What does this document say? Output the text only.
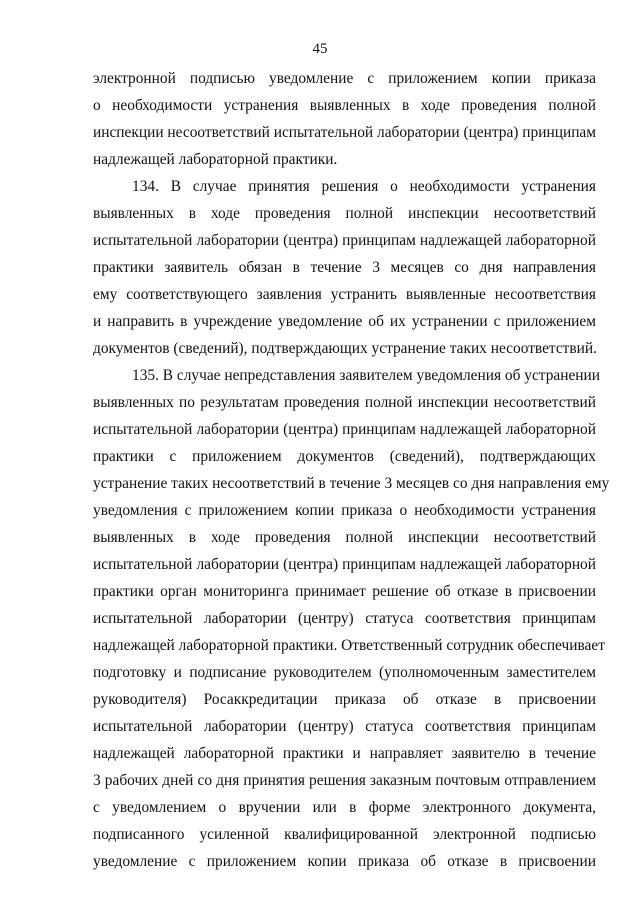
45
электронной подписью уведомление с приложением копии приказа
о необходимости устранения выявленных в ходе проведения полной
инспекции несоответствий испытательной лаборатории (центра) принципам
надлежащей лабораторной практики.
134. В случае принятия решения о необходимости устранения
выявленных в ходе проведения полной инспекции несоответствий
испытательной лаборатории (центра) принципам надлежащей лабораторной
практики заявитель обязан в течение 3 месяцев со дня направления
ему соответствующего заявления устранить выявленные несоответствия
и направить в учреждение уведомление об их устранении с приложением
документов (сведений), подтверждающих устранение таких несоответствий.
135. В случае непредставления заявителем уведомления об устранении
выявленных по результатам проведения полной инспекции несоответствий
испытательной лаборатории (центра) принципам надлежащей лабораторной
практики с приложением документов (сведений), подтверждающих
устранение таких несоответствий в течение 3 месяцев со дня направления ему
уведомления с приложением копии приказа о необходимости устранения
выявленных в ходе проведения полной инспекции несоответствий
испытательной лаборатории (центра) принципам надлежащей лабораторной
практики орган мониторинга принимает решение об отказе в присвоении
испытательной лаборатории (центру) статуса соответствия принципам
надлежащей лабораторной практики. Ответственный сотрудник обеспечивает
подготовку и подписание руководителем (уполномоченным заместителем
руководителя) Росаккредитации приказа об отказе в присвоении
испытательной лаборатории (центру) статуса соответствия принципам
надлежащей лабораторной практики и направляет заявителю в течение
3 рабочих дней со дня принятия решения заказным почтовым отправлением
с уведомлением о вручении или в форме электронного документа,
подписанного усиленной квалифицированной электронной подписью
уведомление с приложением копии приказа об отказе в присвоении
